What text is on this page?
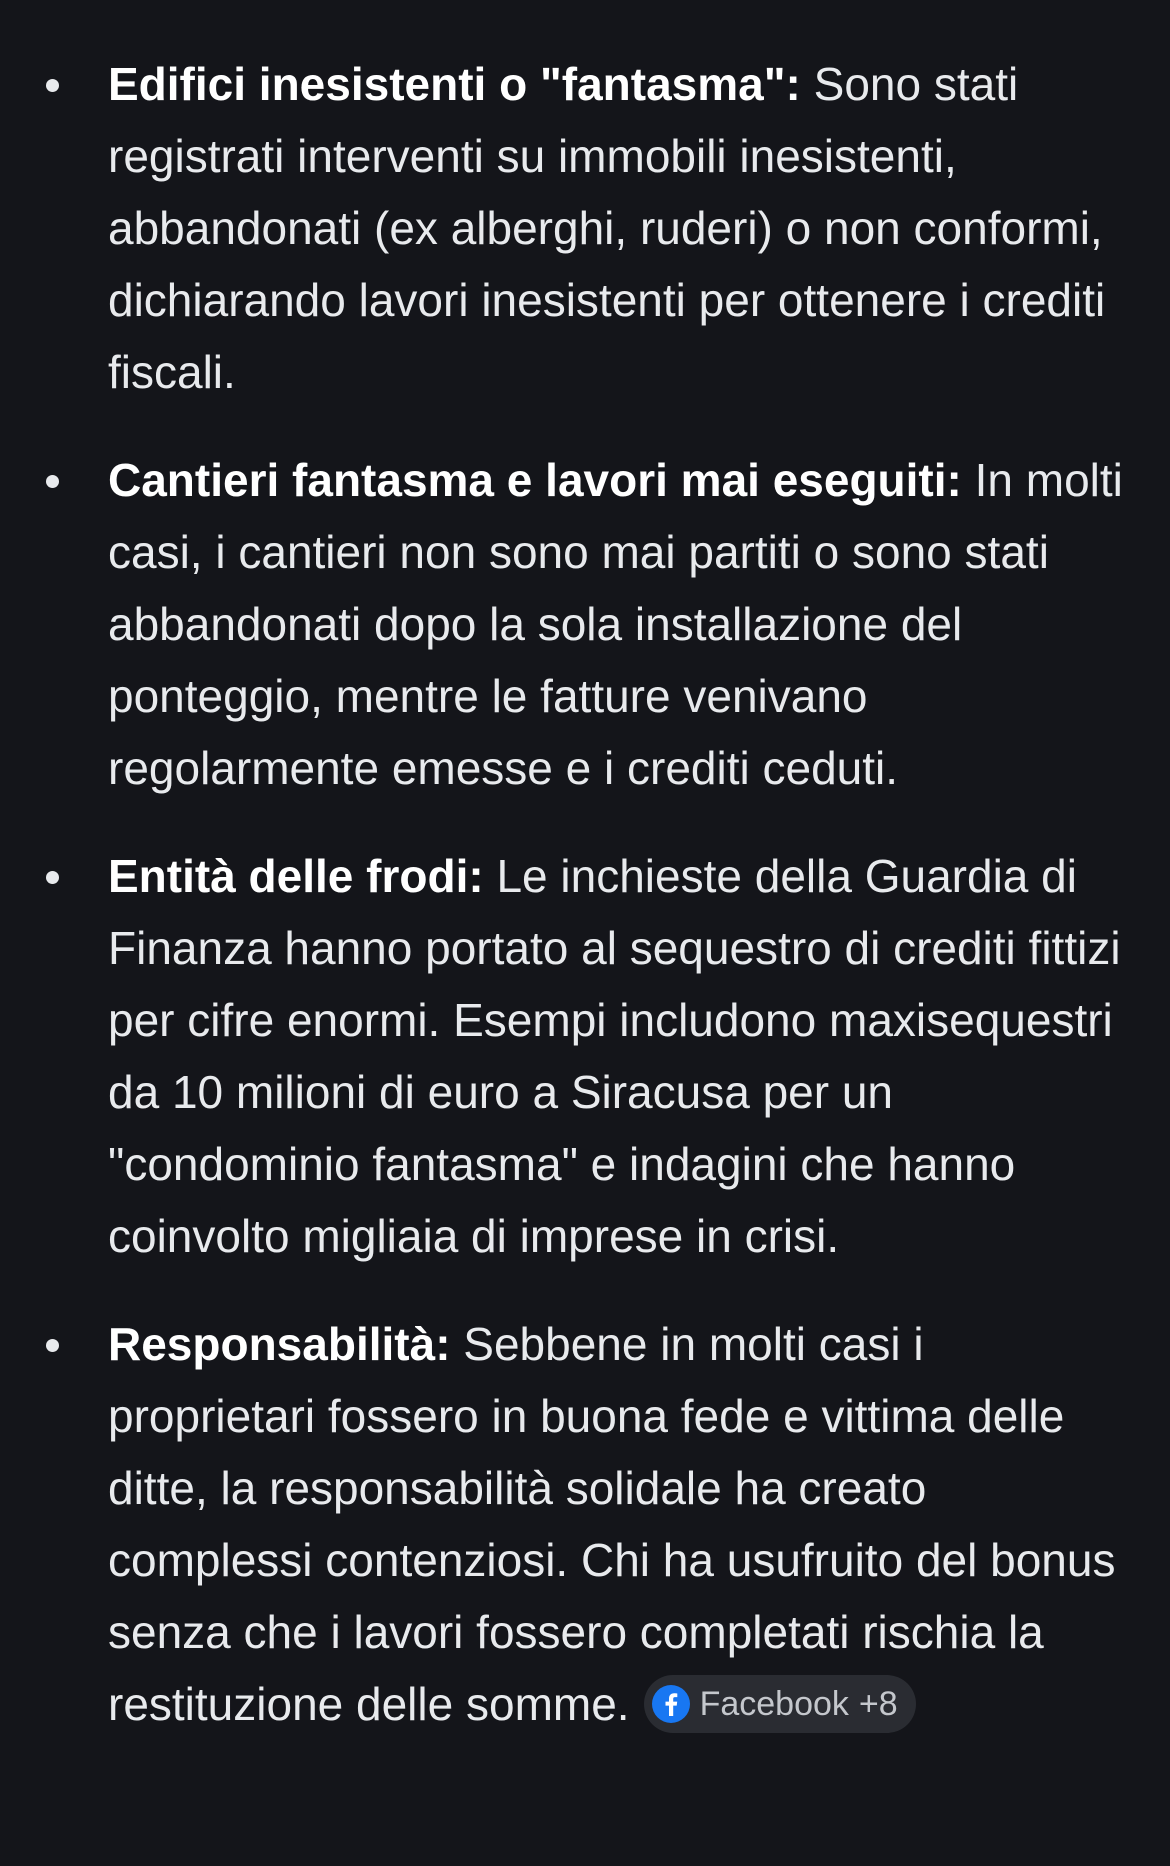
Edifici inesistenti o "fantasma": Sono stati registrati interventi su immobili inesistenti, abbandonati (ex alberghi, ruderi) o non conformi, dichiarando lavori inesistenti per ottenere i crediti fiscali.
Cantieri fantasma e lavori mai eseguiti: In molti casi, i cantieri non sono mai partiti o sono stati abbandonati dopo la sola installazione del ponteggio, mentre le fatture venivano regolarmente emesse e i crediti ceduti.
Entità delle frodi: Le inchieste della Guardia di Finanza hanno portato al sequestro di crediti fittizi per cifre enormi. Esempi includono maxisequestri da 10 milioni di euro a Siracusa per un "condominio fantasma" e indagini che hanno coinvolto migliaia di imprese in crisi.
Responsabilità: Sebbene in molti casi i proprietari fossero in buona fede e vittima delle ditte, la responsabilità solidale ha creato complessi contenziosi. Chi ha usufruito del bonus senza che i lavori fossero completati rischia la restituzione delle somme. Facebook +8
